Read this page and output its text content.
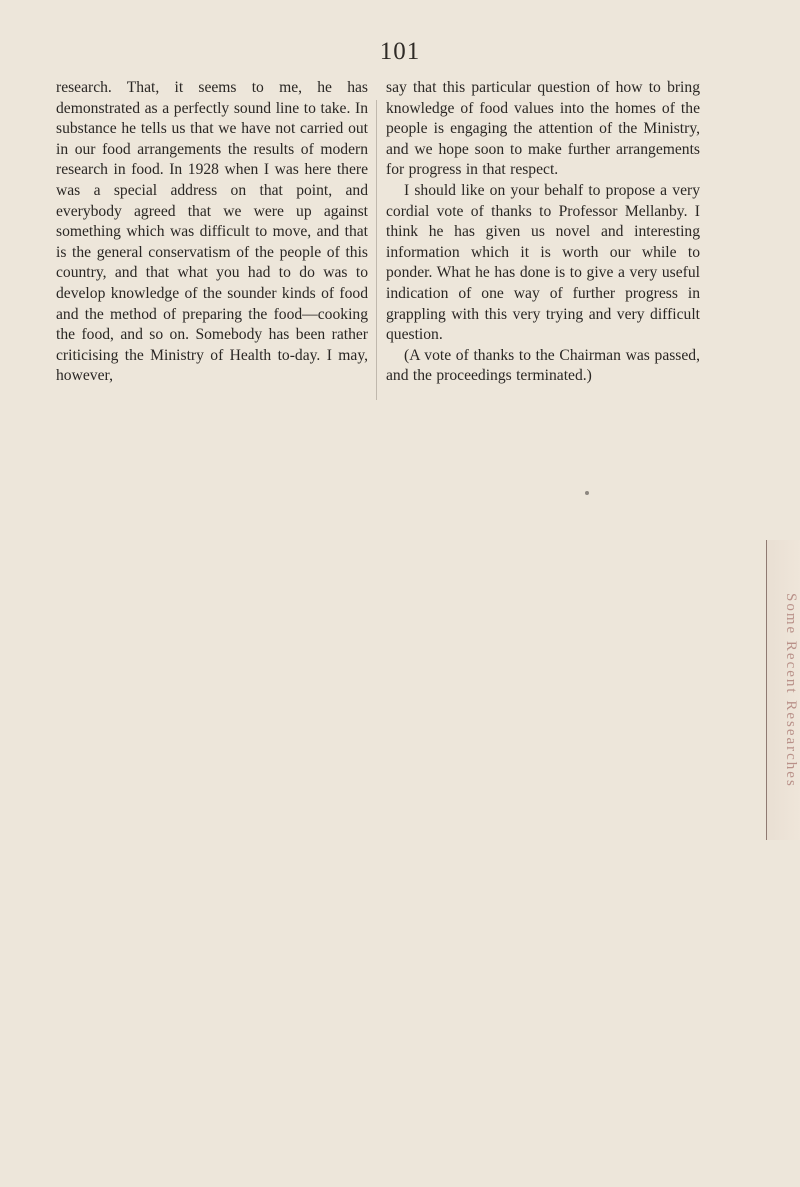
101

research. That, it seems to me, he has demonstrated as a perfectly sound line to take. In substance he tells us that we have not carried out in our food arrangements the results of modern research in food. In 1928 when I was here there was a special address on that point, and everybody agreed that we were up against something which was difficult to move, and that is the general conservatism of the people of this country, and that what you had to do was to develop knowledge of the sounder kinds of food and the method of preparing the food—cooking the food, and so on. Somebody has been rather criticising the Ministry of Health to-day. I may, however,

say that this particular question of how to bring knowledge of food values into the homes of the people is engaging the attention of the Ministry, and we hope soon to make further arrangements for progress in that respect.

I should like on your behalf to propose a very cordial vote of thanks to Professor Mellanby. I think he has given us novel and interesting information which it is worth our while to ponder. What he has done is to give a very useful indication of one way of further progress in grappling with this very trying and very difficult question.

(A vote of thanks to the Chairman was passed, and the proceedings terminated.)

Some Recent Researches
